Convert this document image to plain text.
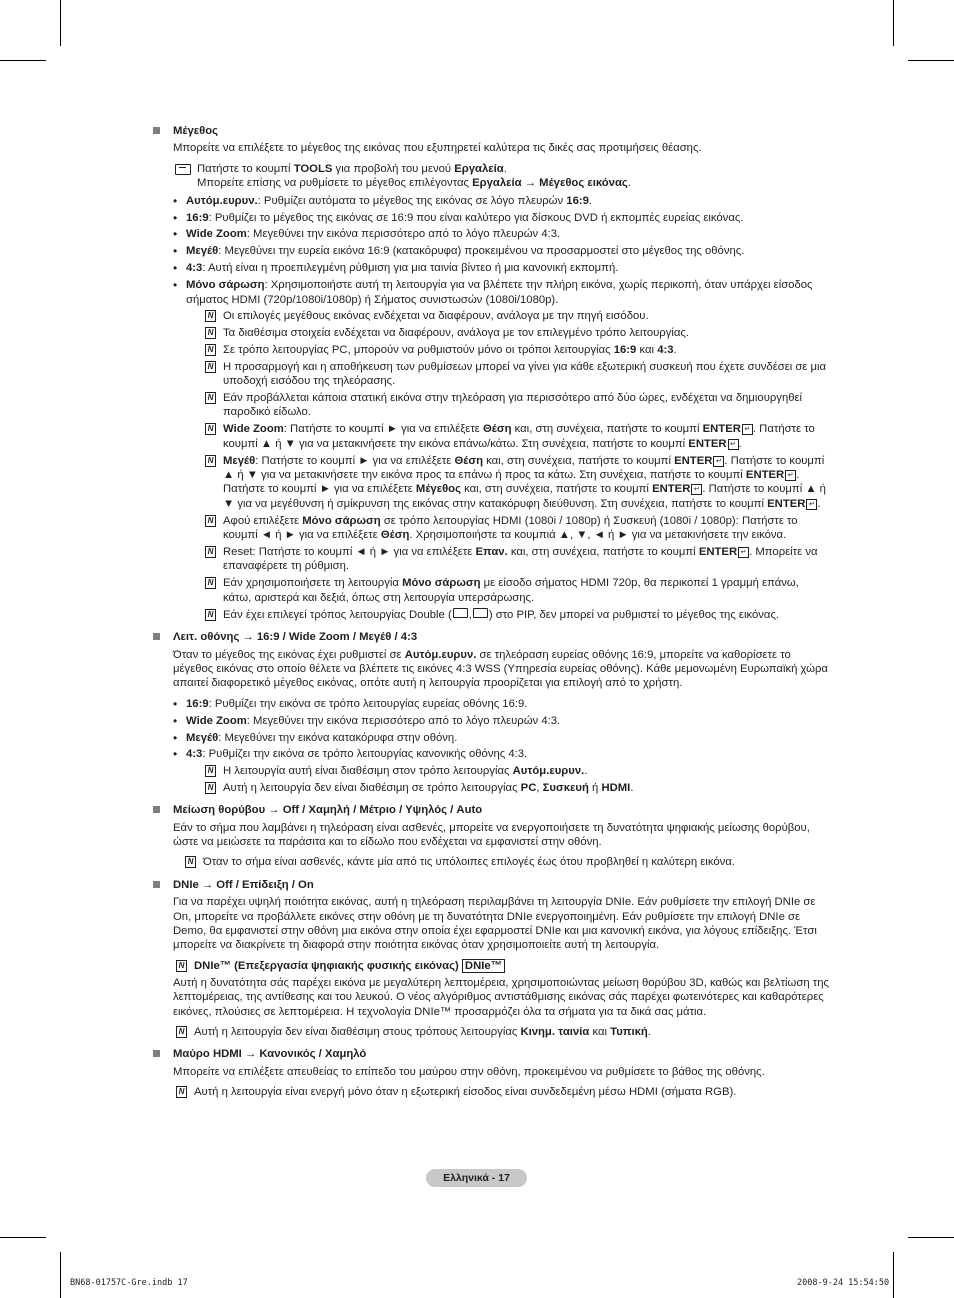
Μέγεθος
Μπορείτε να επιλέξετε το μέγεθος της εικόνας που εξυπηρετεί καλύτερα τις δικές σας προτιμήσεις θέασης.
Πατήστε το κουμπί TOOLS για προβολή του μενού Εργαλεία.
Μπορείτε επίσης να ρυθμίσετε το μέγεθος επιλέγοντας Εργαλεία → Μέγεθος εικόνας.
• Αυτόμ.ευρυν.: Ρυθμίζει αυτόματα το μέγεθος της εικόνας σε λόγο πλευρών 16:9.
• 16:9: Ρυθμίζει το μέγεθος της εικόνας σε 16:9 που είναι καλύτερο για δίσκους DVD ή εκπομπές ευρείας εικόνας.
• Wide Zoom: Μεγεθύνει την εικόνα περισσότερο από το λόγο πλευρών 4:3.
• Μεγέθ: Μεγεθύνει την ευρεία εικόνα 16:9 (κατακόρυφα) προκειμένου να προσαρμοστεί στο μέγεθος της οθόνης.
• 4:3: Αυτή είναι η προεπιλεγμένη ρύθμιση για μια ταινία βίντεο ή μια κανονική εκπομπή.
• Μόνο σάρωση: Χρησιμοποιήστε αυτή τη λειτουργία για να βλέπετε την πλήρη εικόνα, χωρίς περικοπή, όταν υπάρχει είσοδος σήματος HDMI (720p/1080i/1080p) ή Σήματος συνιστωσών (1080i/1080p).
N Οι επιλογές μεγέθους εικόνας ενδέχεται να διαφέρουν, ανάλογα με την πηγή εισόδου.
N Τα διαθέσιμα στοιχεία ενδέχεται να διαφέρουν, ανάλογα με τον επιλεγμένο τρόπο λειτουργίας.
N Σε τρόπο λειτουργίας PC, μπορούν να ρυθμιστούν μόνο οι τρόποι λειτουργίας 16:9 και 4:3.
N Η προσαρμογή και η αποθήκευση των ρυθμίσεων μπορεί να γίνει για κάθε εξωτερική συσκευή που έχετε συνδέσει σε μια υποδοχή εισόδου της τηλεόρασης.
N Εάν προβάλλεται κάποια στατική εικόνα στην τηλεόραση για περισσότερο από δύο ώρες, ενδέχεται να δημιουργηθεί παροδικό είδωλο.
N Wide Zoom: Πατήστε το κουμπί ► για να επιλέξετε Θέση και, στη συνέχεια, πατήστε το κουμπί ENTER ↵ . Πατήστε το κουμπί ▲ ή ▼ για να μετακινήσετε την εικόνα επάνω/κάτω. Στη συνέχεια, πατήστε το κουμπί ENTER ↵ .
N Μεγέθ: Πατήστε το κουμπί ► για να επιλέξετε Θέση και, στη συνέχεια, πατήστε το κουμπί ENTER ↵ . Πατήστε το κουμπί ▲ ή ▼ για να μετακινήσετε την εικόνα προς τα επάνω ή προς τα κάτω. Στη συνέχεια, πατήστε το κουμπί ENTER ↵ . Πατήστε το κουμπί ► για να επιλέξετε Μέγεθος και, στη συνέχεια, πατήστε το κουμπί ENTER ↵ . Πατήστε το κουμπί ▲ ή ▼ για να μεγέθυνση ή σμίκρυνση της εικόνας στην κατακόρυφη διεύθυνση. Στη συνέχεια, πατήστε το κουμπί ENTER ↵ .
N Αφού επιλέξετε Μόνο σάρωση σε τρόπο λειτουργίας HDMI (1080i / 1080p) ή Συσκευή (1080i / 1080p): Πατήστε το κουμπί ◄ ή ► για να επιλέξετε Θέση. Χρησιμοποιήστε τα κουμπιά ▲, ▼, ◄ ή ► για να μετακινήσετε την εικόνα.
N Reset: Πατήστε το κουμπί ◄ ή ► για να επιλέξετε Επαν. και, στη συνέχεια, πατήστε το κουμπί ENTER ↵ . Μπορείτε να επαναφέρετε τη ρύθμιση.
N Εάν χρησιμοποιήσετε τη λειτουργία Μόνο σάρωση με είσοδο σήματος HDMI 720p, θα περικοπεί 1 γραμμή επάνω, κάτω, αριστερά και δεξιά, όπως στη λειτουργία υπερσάρωσης.
N Εάν έχει επιλεγεί τρόπος λειτουργίας Double ( , ) στο PIP, δεν μπορεί να ρυθμιστεί το μέγεθος της εικόνας.
Λειτ. οθόνης → 16:9 / Wide Zoom / Μεγέθ / 4:3
Όταν το μέγεθος της εικόνας έχει ρυθμιστεί σε Αυτόμ.ευρυν. σε τηλεόραση ευρείας οθόνης 16:9, μπορείτε να καθορίσετε το μέγεθος εικόνας στο οποίο θέλετε να βλέπετε τις εικόνες 4:3 WSS (Υπηρεσία ευρείας οθόνης). Κάθε μεμονωμένη Ευρωπαϊκή χώρα απαιτεί διαφορετικό μέγεθος εικόνας, οπότε αυτή η λειτουργία προορίζεται για επιλογή από το χρήστη.
• 16:9: Ρυθμίζει την εικόνα σε τρόπο λειτουργίας ευρείας οθόνης 16:9.
• Wide Zoom: Μεγεθύνει την εικόνα περισσότερο από το λόγο πλευρών 4:3.
• Μεγέθ: Μεγεθύνει την εικόνα κατακόρυφα στην οθόνη.
• 4:3: Ρυθμίζει την εικόνα σε τρόπο λειτουργίας κανονικής οθόνης 4:3.
N Η λειτουργία αυτή είναι διαθέσιμη στον τρόπο λειτουργίας Αυτόμ.ευρυν..
N Αυτή η λειτουργία δεν είναι διαθέσιμη σε τρόπο λειτουργίας PC, Συσκευή ή HDMI.
Μείωση θορύβου → Off / Χαμηλή / Μέτριο / Υψηλός / Auto
Εάν το σήμα που λαμβάνει η τηλεόραση είναι ασθενές, μπορείτε να ενεργοποιήσετε τη δυνατότητα ψηφιακής μείωσης θορύβου, ώστε να μειώσετε τα παράσιτα και το είδωλο που ενδέχεται να εμφανιστεί στην οθόνη.
N Όταν το σήμα είναι ασθενές, κάντε μία από τις υπόλοιπες επιλογές έως ότου προβληθεί η καλύτερη εικόνα.
DNIe → Off / Επίδειξη / On
Για να παρέχει υψηλή ποιότητα εικόνας, αυτή η τηλεόραση περιλαμβάνει τη λειτουργία DNIe. Εάν ρυθμίσετε την επιλογή DNIe σε On, μπορείτε να προβάλλετε εικόνες στην οθόνη με τη δυνατότητα DNIe ενεργοποιημένη. Εάν ρυθμίσετε την επιλογή DNIe σε Demo, θα εμφανιστεί στην οθόνη μια εικόνα στην οποία έχει εφαρμοστεί DNIe και μια κανονική εικόνα, για λόγους επίδειξης. Έτσι μπορείτε να διακρίνετε τη διαφορά στην ποιότητα εικόνας όταν χρησιμοποιείτε αυτή τη λειτουργία.
N DNIe™ (Επεξεργασία ψηφιακής φυσικής εικόνας) DNIe™
Αυτή η δυνατότητα σάς παρέχει εικόνα με μεγαλύτερη λεπτομέρεια, χρησιμοποιώντας μείωση θορύβου 3D, καθώς και βελτίωση της λεπτομέρειας, της αντίθεσης και του λευκού. Ο νέος αλγόριθμος αντιστάθμισης εικόνας σάς παρέχει φωτεινότερες και καθαρότερες εικόνες, πλούσιες σε λεπτομέρεια. Η τεχνολογία DNIe™ προσαρμόζει όλα τα σήματα για τα δικά σας μάτια.
N Αυτή η λειτουργία δεν είναι διαθέσιμη στους τρόπους λειτουργίας Κινημ. ταινία και Τυπική.
Μαύρο HDMI → Κανονικός / Χαμηλό
Μπορείτε να επιλέξετε απευθείας το επίπεδο του μαύρου στην οθόνη, προκειμένου να ρυθμίσετε το βάθος της οθόνης.
N Αυτή η λειτουργία είναι ενεργή μόνο όταν η εξωτερική είσοδος είναι συνδεδεμένη μέσω HDMI (σήματα RGB).
Ελληνικά - 17
BN68-01757C-Gre.indb 17	2008-9-24 15:54:50
